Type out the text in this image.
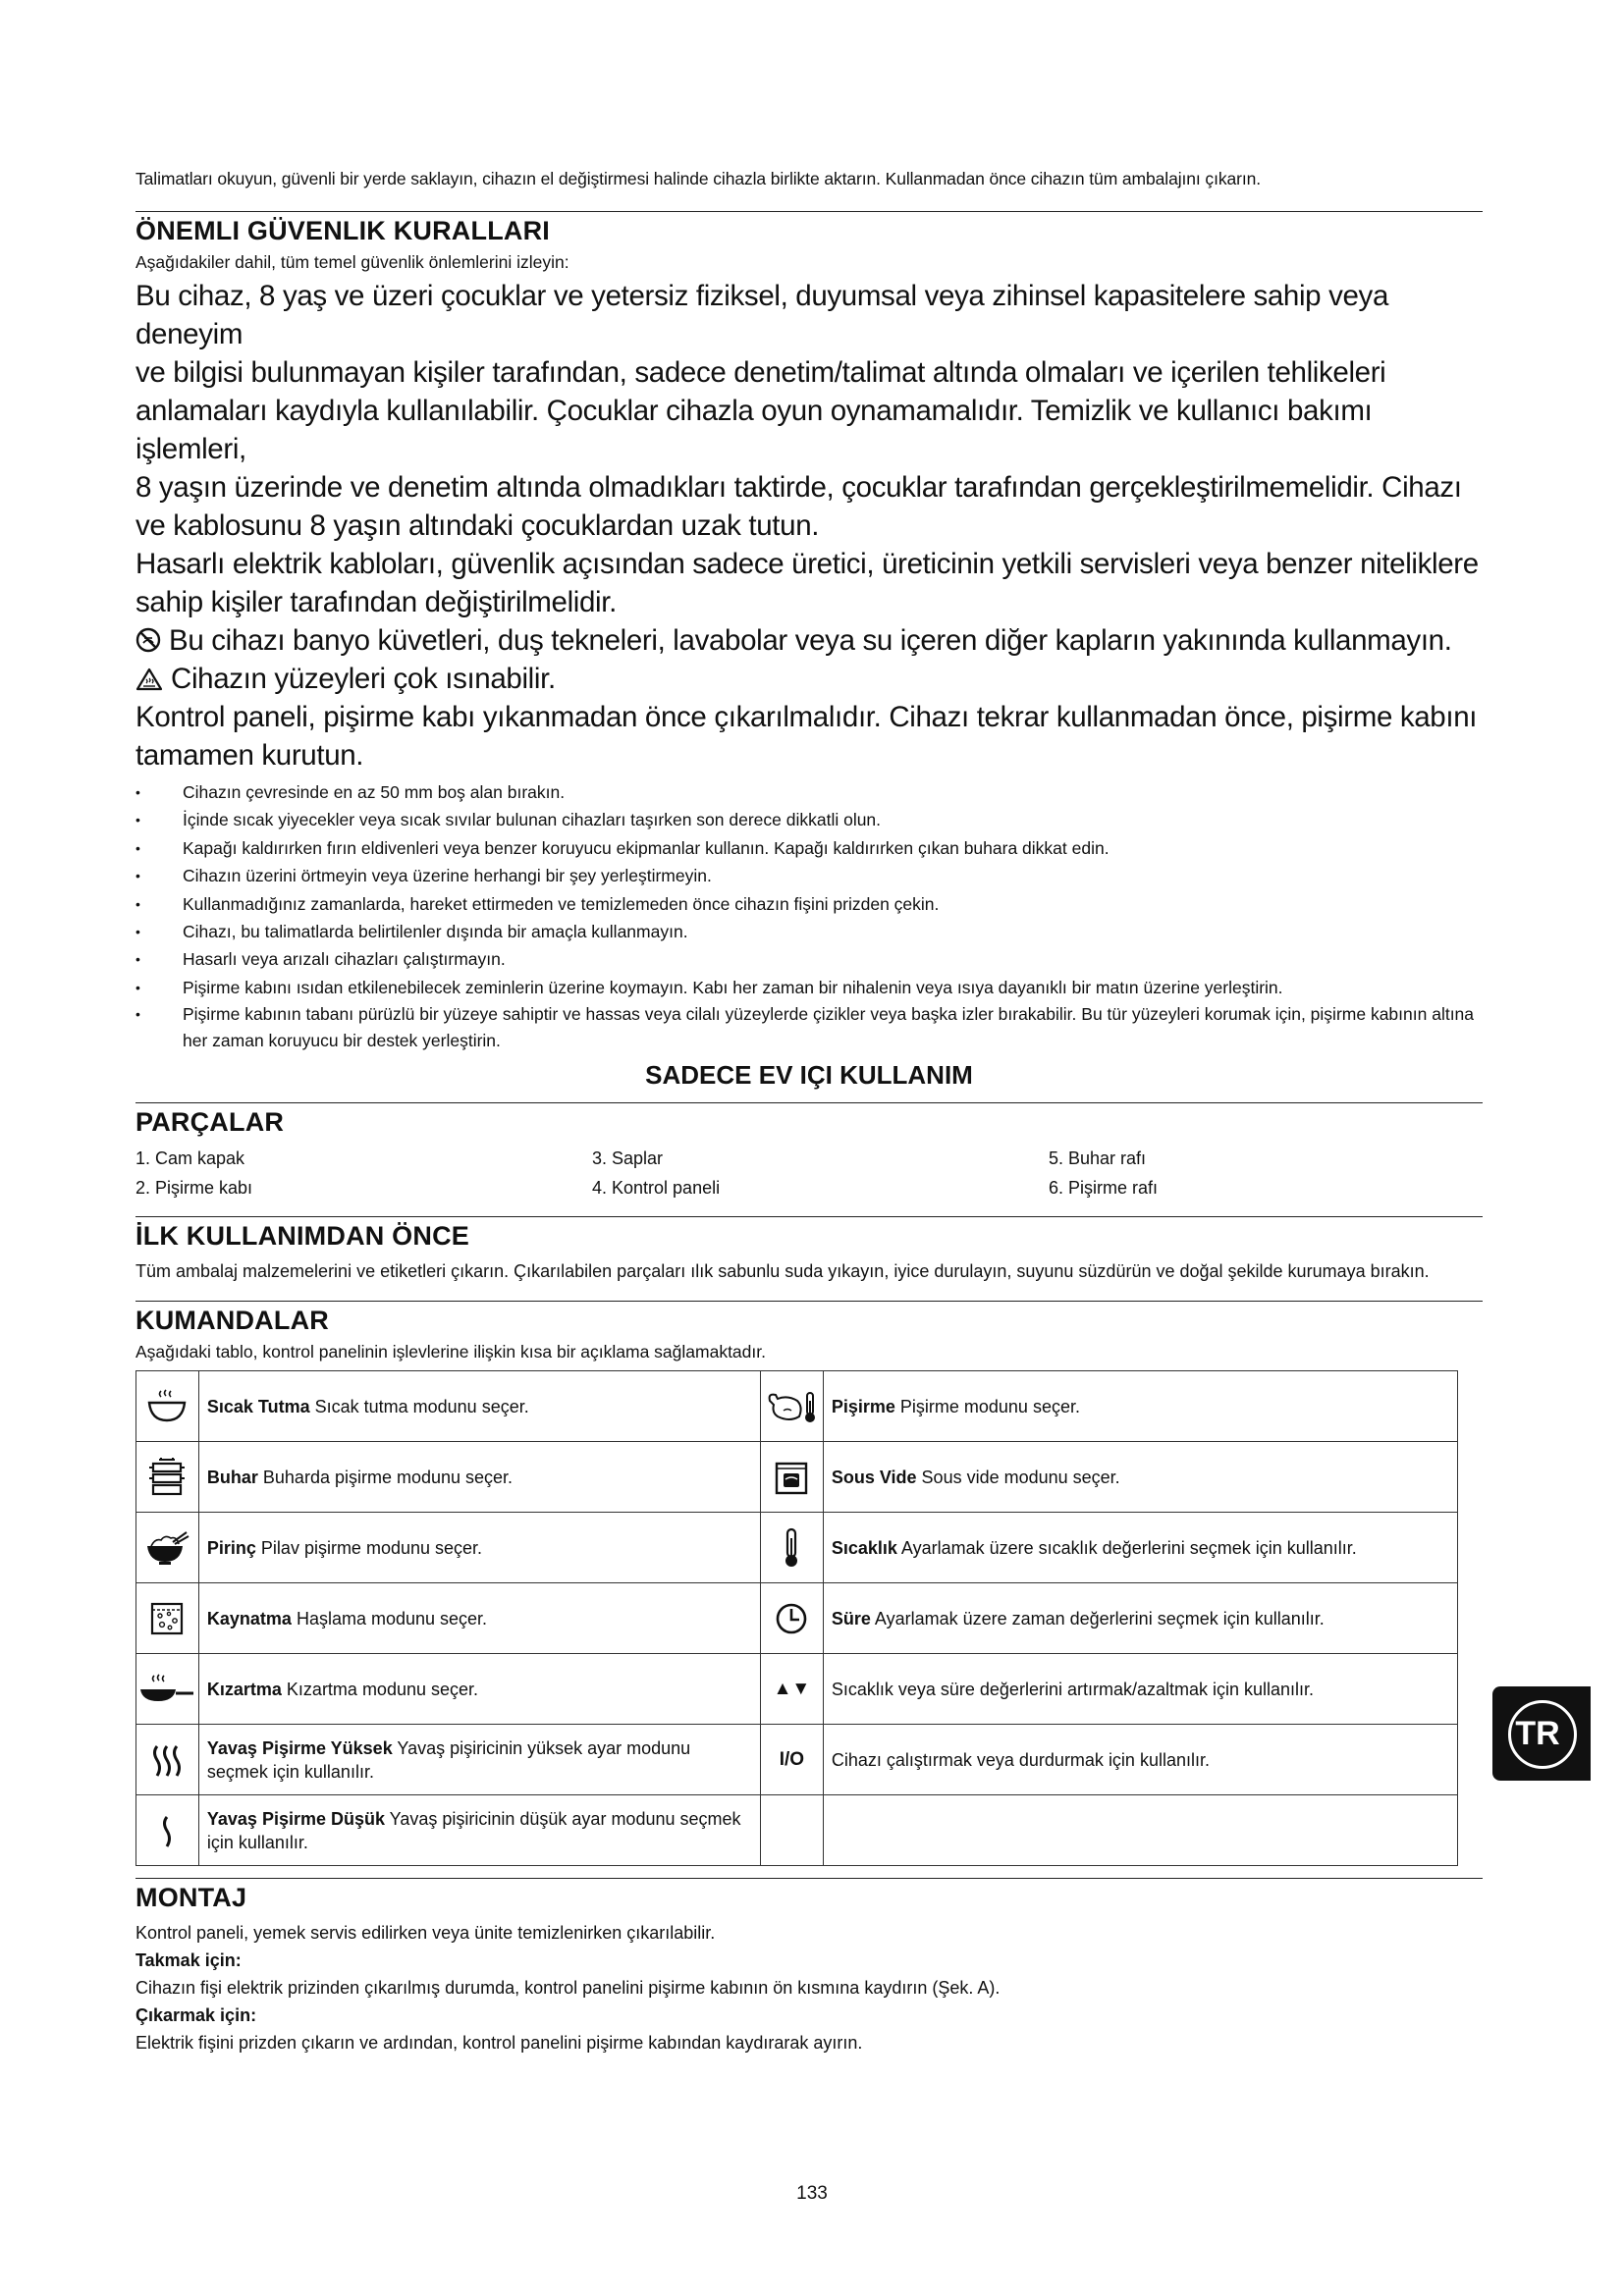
Talimatları okuyun, güvenli bir yerde saklayın, cihazın el değiştirmesi halinde cihazla birlikte aktarın. Kullanmadan önce cihazın tüm ambalajını çıkarın.

ÖNEMLI GÜVENLIK KURALLARI

Aşağıdakiler dahil, tüm temel güvenlik önlemlerini izleyin:

Bu cihaz, 8 yaş ve üzeri çocuklar ve yetersiz fiziksel, duyumsal veya zihinsel kapasitelere sahip veya deneyim

ve bilgisi bulunmayan kişiler tarafından, sadece denetim/talimat altında olmaları ve içerilen tehlikeleri

anlamaları kaydıyla kullanılabilir. Çocuklar cihazla oyun oynamamalıdır. Temizlik ve kullanıcı bakımı işlemleri,

8 yaşın üzerinde ve denetim altında olmadıkları taktirde, çocuklar tarafından gerçekleştirilmemelidir. Cihazı

ve kablosunu 8 yaşın altındaki çocuklardan uzak tutun.

Hasarlı elektrik kabloları, güvenlik açısından sadece üretici, üreticinin yetkili servisleri veya benzer niteliklere

sahip kişiler tarafından değiştirilmelidir.

Bu cihazı banyo küvetleri, duş tekneleri, lavabolar veya su içeren diğer kapların yakınında kullanmayın.

Cihazın yüzeyleri çok ısınabilir.

Kontrol paneli, pişirme kabı yıkanmadan önce çıkarılmalıdır. Cihazı tekrar kullanmadan önce, pişirme kabını

tamamen kurutun.

• Cihazın çevresinde en az 50 mm boş alan bırakın.
• İçinde sıcak yiyecekler veya sıcak sıvılar bulunan cihazları taşırken son derece dikkatli olun.
• Kapağı kaldırırken fırın eldivenleri veya benzer koruyucu ekipmanlar kullanın. Kapağı kaldırırken çıkan buhara dikkat edin.
• Cihazın üzerini örtmeyin veya üzerine herhangi bir şey yerleştirmeyin.
• Kullanmadığınız zamanlarda, hareket ettirmeden ve temizlemeden önce cihazın fişini prizden çekin.
• Cihazı, bu talimatlarda belirtilenler dışında bir amaçla kullanmayın.
• Hasarlı veya arızalı cihazları çalıştırmayın.
• Pişirme kabını ısıdan etkilenebilecek zeminlerin üzerine koymayın. Kabı her zaman bir nihalenin veya ısıya dayanıklı bir matın üzerine yerleştirin.
• Pişirme kabının tabanı pürüzlü bir yüzeye sahiptir ve hassas veya cilalı yüzeylerde çizikler veya başka izler bırakabilir. Bu tür yüzeyleri korumak için, pişirme kabının altına her zaman koruyucu bir destek yerleştirin.
SADECE EV IÇI KULLANIM
PARÇALAR
1. Cam kapak	3. Saplar	5. Buhar rafı
2. Pişirme kabı	4. Kontrol paneli	6. Pişirme rafı
İLK KULLANIMDAN ÖNCE

Tüm ambalaj malzemelerini ve etiketleri çıkarın. Çıkarılabilen parçaları ılık sabunlu suda yıkayın, iyice durulayın, suyunu süzdürün ve doğal şekilde kurumaya bırakın.

KUMANDALAR

Aşağıdaki tablo, kontrol panelinin işlevlerine ilişkin kısa bir açıklama sağlamaktadır.

	Sıcak Tutma Sıcak tutma modunu seçer.		Pişirme Pişirme modunu seçer.

	Buhar Buharda pişirme modunu seçer.		Sous Vide Sous vide modunu seçer.

	Pirinç Pilav pişirme modunu seçer.		Sıcaklık Ayarlamak üzere sıcaklık değerlerini seçmek için kullanılır.

	Kaynatma Haşlama modunu seçer.		Süre Ayarlamak üzere zaman değerlerini seçmek için kullanılır.

	Kızartma Kızartma modunu seçer.	▲▼	Sıcaklık veya süre değerlerini artırmak/azaltmak için kullanılır.

	Yavaş Pişirme Yüksek Yavaş pişiricinin yüksek ayar modunu seçmek için kullanılır.	I/O	Cihazı çalıştırmak veya durdurmak için kullanılır.

	Yavaş Pişirme Düşük Yavaş pişiricinin düşük ayar modunu seçmek için kullanılır.		
MONTAJ

Kontrol paneli, yemek servis edilirken veya ünite temizlenirken çıkarılabilir.

Takmak için:

Cihazın fişi elektrik prizinden çıkarılmış durumda, kontrol panelini pişirme kabının ön kısmına kaydırın (Şek. A).

Çıkarmak için:

Elektrik fişini prizden çıkarın ve ardından, kontrol panelini pişirme kabından kaydırarak ayırın.

TR
133
